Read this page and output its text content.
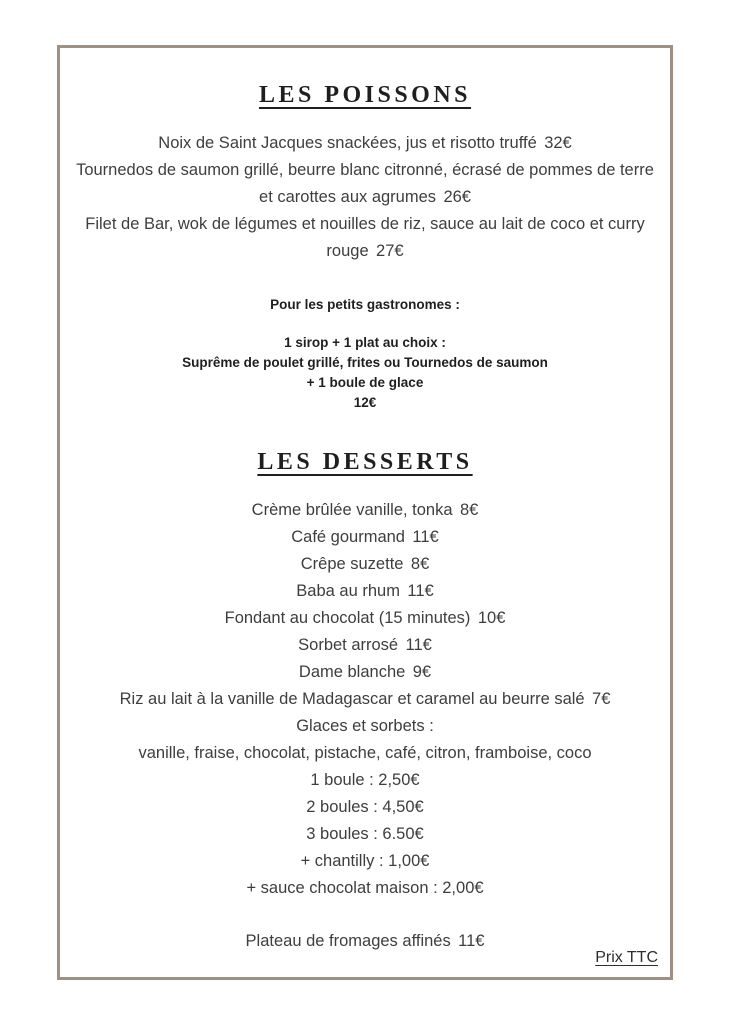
LES POISSONS

Noix de Saint Jacques snackées, jus et risotto truffé 32€

Tournedos de saumon grillé, beurre blanc citronné, écrasé de pommes de terre et carottes aux agrumes 26€

Filet de Bar, wok de légumes et nouilles de riz, sauce au lait de coco et curry rouge 27€

Pour les petits gastronomes :

1 sirop + 1 plat au choix :

Suprême de poulet grillé, frites ou Tournedos de saumon

+ 1 boule de glace

12€

LES DESSERTS

Crème brûlée vanille, tonka 8€

Café gourmand 11€

Crêpe suzette 8€

Baba au rhum 11€

Fondant au chocolat (15 minutes) 10€

Sorbet arrosé 11€

Dame blanche 9€

Riz au lait à la vanille de Madagascar et caramel au beurre salé 7€

Glaces et sorbets :

vanille, fraise, chocolat, pistache, café, citron, framboise, coco

1 boule : 2,50€

2 boules : 4,50€

3 boules : 6.50€

+ chantilly : 1,00€

+ sauce chocolat maison : 2,00€

Plateau de fromages affinés 11€

Prix TTC
